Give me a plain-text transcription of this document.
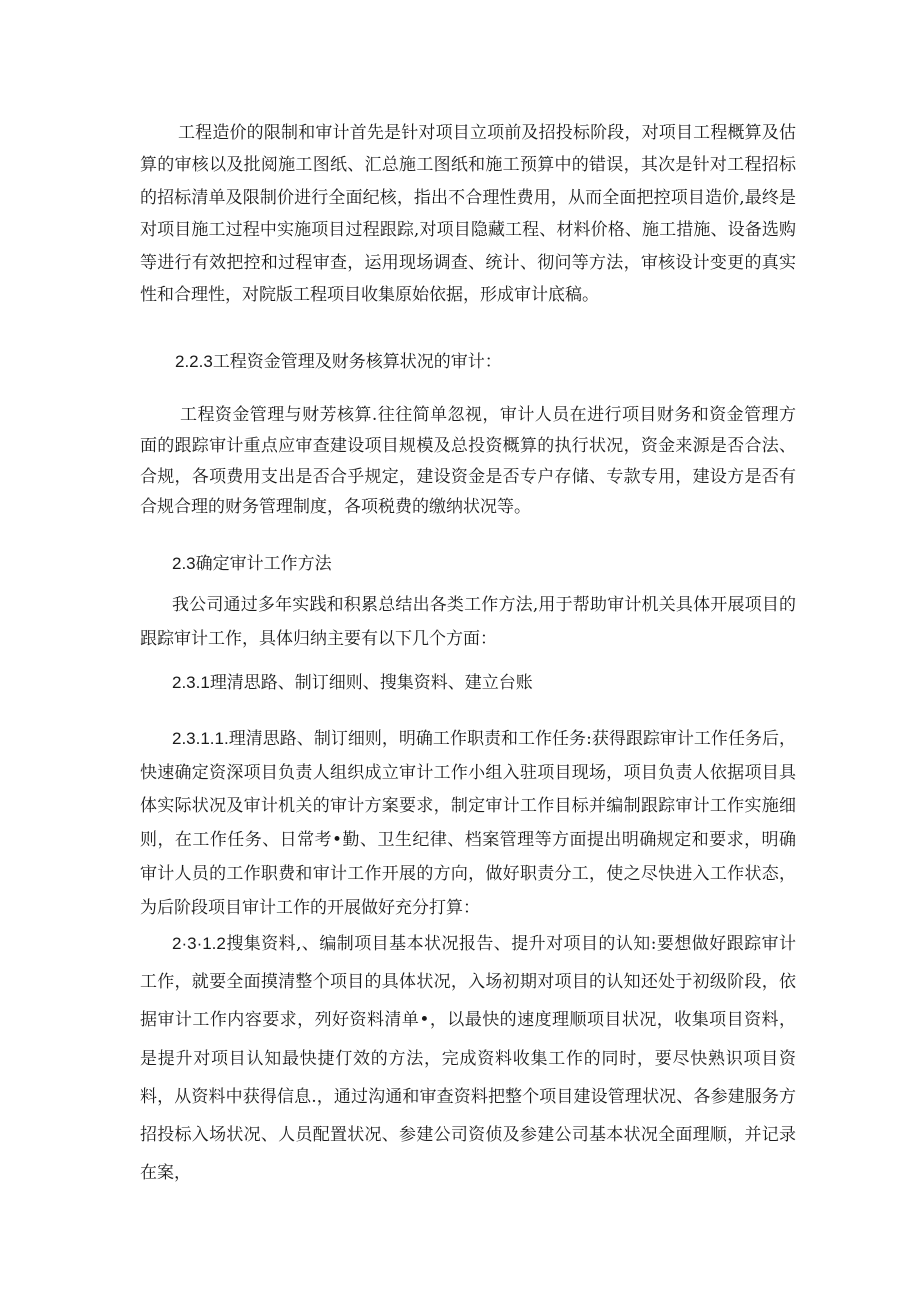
工程造价的限制和审计首先是针对项目立项前及招投标阶段，对项目工程概算及估算的审核以及批阅施工图纸、汇总施工图纸和施工预算中的错误，其次是针对工程招标的招标清单及限制价进行全面纪核，指出不合理性费用，从而全面把控项目造价,最终是对项目施工过程中实施项目过程跟踪,对项目隐藏工程、材料价格、施工措施、设备选购等进行有效把控和过程审查，运用现场调查、统计、彻问等方法，审核设计变更的真实性和合理性，对院版工程项目收集原始依据，形成审计底稿。

2.2.3工程资金管理及财务核算状况的审计：

工程资金管理与财芳核算.往往简单忽视，审计人员在进行项目财务和资金管理方面的跟踪审计重点应审查建设项目规模及总投资概算的执行状况，资金来源是否合法、合规，各项费用支出是否合乎规定，建设资金是否专户存储、专款专用，建设方是否有合规合理的财务管理制度，各项税费的缴纳状况等。

2.3确定审计工作方法

我公司通过多年实践和积累总结出各类工作方法,用于帮助审计机关具体开展项目的跟踪审计工作，具体归纳主要有以下几个方面：

2.3.1理清思路、制订细则、搜集资料、建立台账

2.3.1.1.理清思路、制订细则，明确工作职责和工作任务:获得跟踪审计工作任务后，快速确定资深项目负责人组织成立审计工作小组入驻项目现场，项目负责人依据项目具体实际状况及审计机关的审计方案要求，制定审计工作目标并编制跟踪审计工作实施细则，在工作任务、日常考•勤、卫生纪律、档案管理等方面提出明确规定和要求，明确审计人员的工作职费和审计工作开展的方向，做好职责分工，使之尽快进入工作状态，为后阶段项目审计工作的开展做好充分打算：

2·3·1.2搜集资料,、编制项目基本状况报告、提升对项目的认知:要想做好跟踪审计工作，就要全面摸清整个项目的具体状况，入场初期对项目的认知还处于初级阶段，依据审计工作内容要求，列好资料清单•，以最快的速度理顺项目状况，收集项目资料，是提升对项目认知最快捷仃效的方法，完成资料收集工作的同时，要尽快熟识项目资料，从资料中获得信息.，通过沟通和审查资料把整个项目建设管理状况、各参建服务方招投标入场状况、人员配置状况、参建公司资侦及参建公司基本状况全面理顺，并记录在案，
